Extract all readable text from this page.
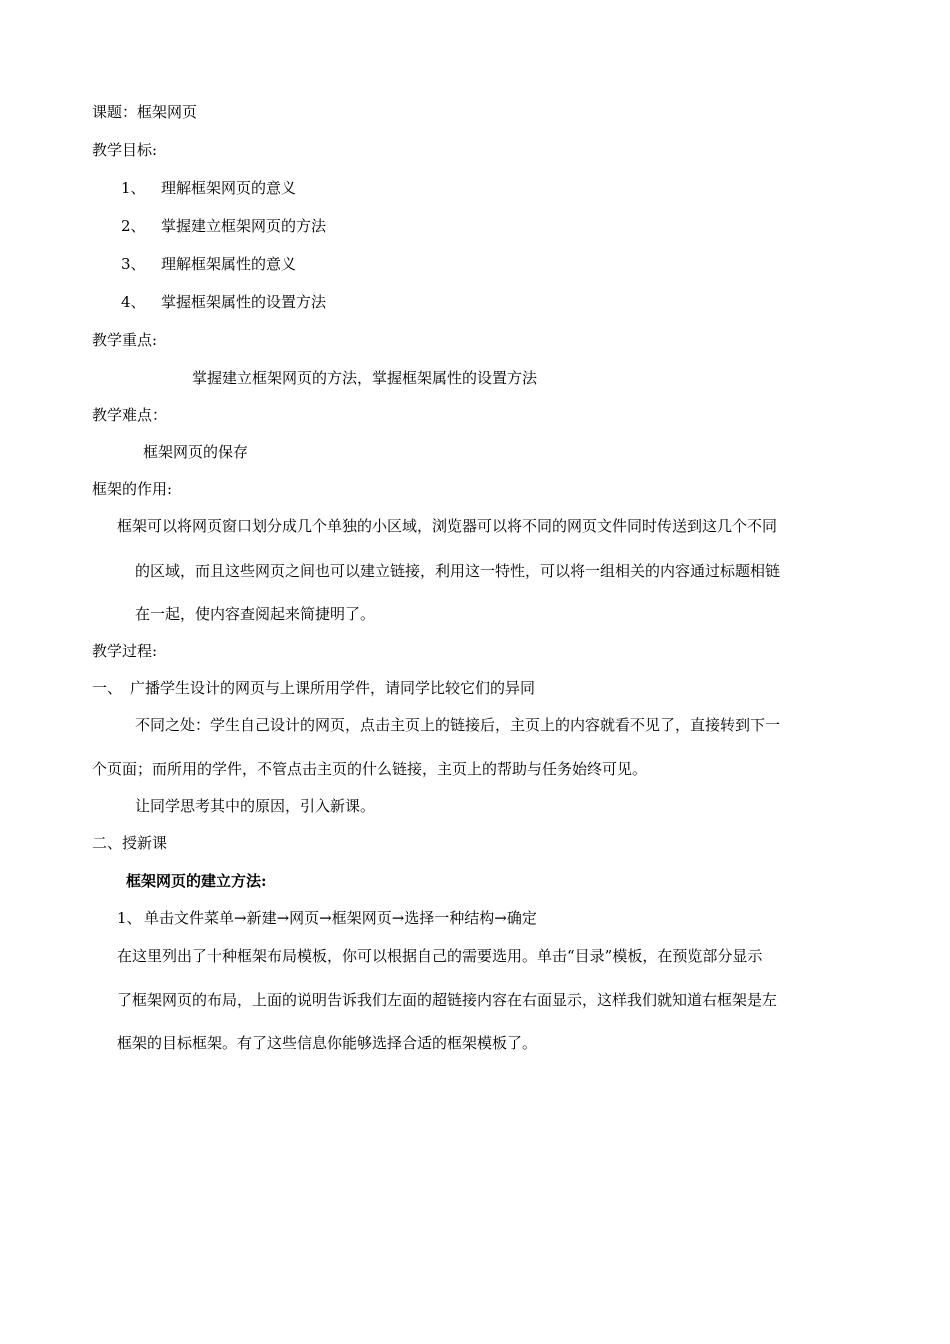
课题：框架网页
教学目标:
1、 理解框架网页的意义
2、 掌握建立框架网页的方法
3、 理解框架属性的意义
4、 掌握框架属性的设置方法
教学重点:
掌握建立框架网页的方法，掌握框架属性的设置方法
教学难点：
框架网页的保存
框架的作用:
框架可以将网页窗口划分成几个单独的小区域，浏览器可以将不同的网页文件同时传送到这几个不同
的区域，而且这些网页之间也可以建立链接，利用这一特性，可以将一组相关的内容通过标题相链
在一起，使内容查阅起来简捷明了。
教学过程:
一、 广播学生设计的网页与上课所用学件，请同学比较它们的异同
不同之处：学生自己设计的网页，点击主页上的链接后，主页上的内容就看不见了，直接转到下一
个页面；而所用的学件，不管点击主页的什么链接，主页上的帮助与任务始终可见。
让同学思考其中的原因，引入新课。
二、授新课
框架网页的建立方法:
1、 单击文件菜单→新建→网页→框架网页→选择一种结构→确定
在这里列出了十种框架布局模板，你可以根据自己的需要选用。单击“目录”模板，在预览部分显示
了框架网页的布局，上面的说明告诉我们左面的超链接内容在右面显示，这样我们就知道右框架是左
框架的目标框架。有了这些信息你能够选择合适的框架模板了。
